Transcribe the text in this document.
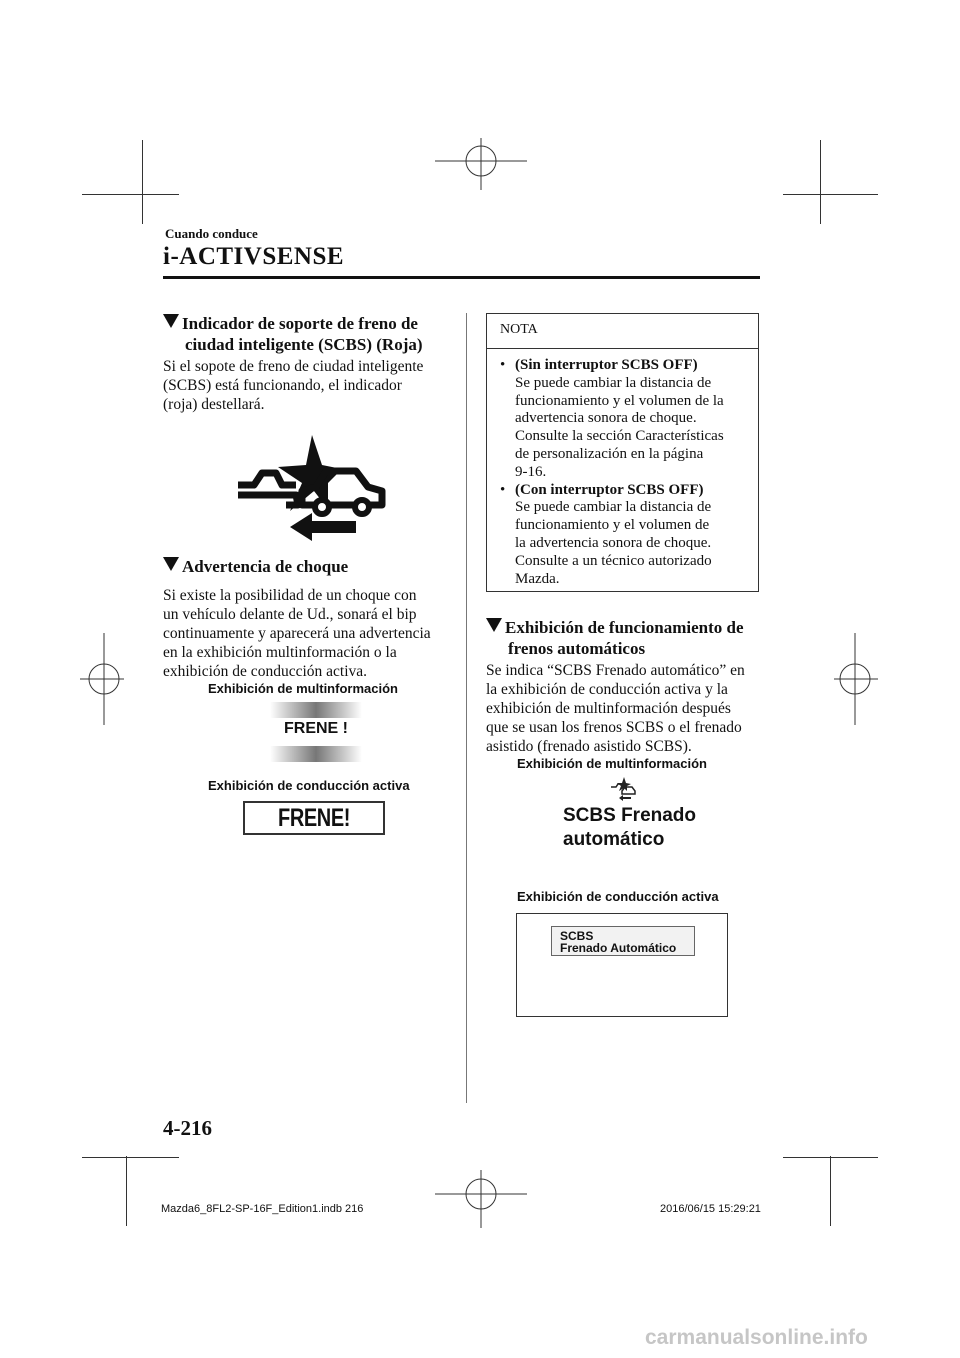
Cuando conduce
i-ACTIVSENSE
Indicador de soporte de freno de
ciudad inteligente (SCBS) (Roja)
Si el sopote de freno de ciudad inteligente
(SCBS) está funcionando, el indicador
(roja) destellará.
Advertencia de choque
Si existe la posibilidad de un choque con
un vehículo delante de Ud., sonará el bip
continuamente y aparecerá una advertencia
en la exhibición multinformación o la
exhibición de conducción activa.
Exhibición de multinformación
FRENE !
Exhibición de conducción activa
FRENE!
NOTA
• (Sin interruptor SCBS OFF)
Se puede cambiar la distancia de
funcionamiento y el volumen de la
advertencia sonora de choque.
Consulte la sección Características
de personalización en la página
9-16.
• (Con interruptor SCBS OFF)
Se puede cambiar la distancia de
funcionamiento y el volumen de
la advertencia sonora de choque.
Consulte a un técnico autorizado
Mazda.
Exhibición de funcionamiento de
frenos automáticos
Se indica “SCBS Frenado automático” en
la exhibición de conducción activa y la
exhibición de multinformación después
que se usan los frenos SCBS o el frenado
asistido (frenado asistido SCBS).
Exhibición de multinformación
SCBS Frenado
automático
Exhibición de conducción activa
SCBS
Frenado Automático
4-216
Mazda6_8FL2-SP-16F_Edition1.indb 216	2016/06/15 15:29:21
carmanualsonline.info
